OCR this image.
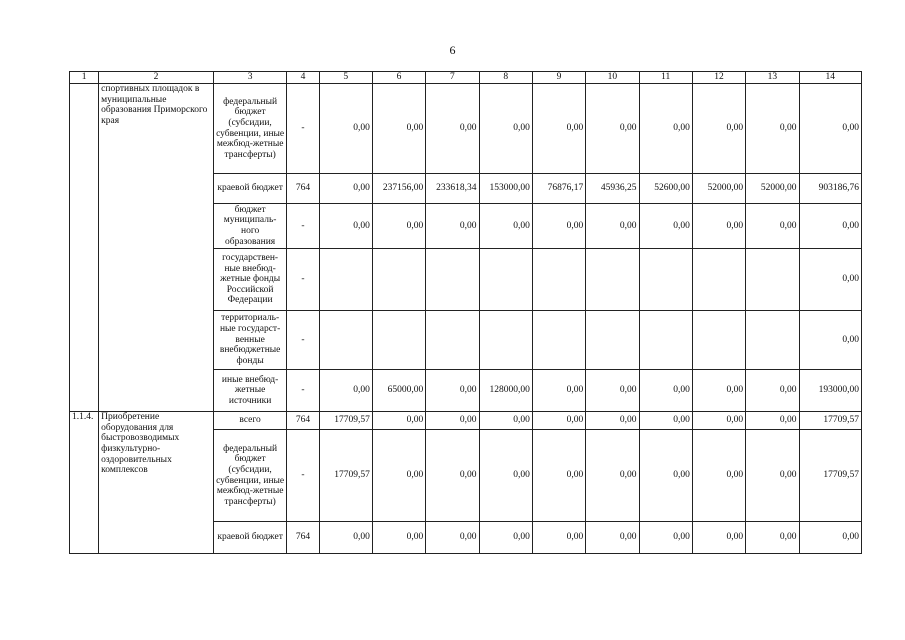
6
1	2	3	4	5	6	7	8	9	10	11	12	13	14
	спортивных площадок в муниципальные образования Приморского края	федеральный бюджет (субсидии, субвенции, иные межбюд-жетные трансферты)	-	0,00	0,00	0,00	0,00	0,00	0,00	0,00	0,00	0,00	0,00
		краевой бюджет	764	0,00	237156,00	233618,34	153000,00	76876,17	45936,25	52600,00	52000,00	52000,00	903186,76
		бюджет муниципаль-ного образования	-	0,00	0,00	0,00	0,00	0,00	0,00	0,00	0,00	0,00	0,00
		государствен-ные внебюд-жетные фонды Российской Федерации	-										0,00
		территориаль-ные государст-венные внебюджетные фонды	-										0,00
		иные внебюд-жетные источники	-	0,00	65000,00	0,00	128000,00	0,00	0,00	0,00	0,00	0,00	193000,00
1.1.4.	Приобретение оборудования для быстровозводимых физкультурно-оздоровительных комплексов	всего	764	17709,57	0,00	0,00	0,00	0,00	0,00	0,00	0,00	0,00	17709,57
		федеральный бюджет (субсидии, субвенции, иные межбюд-жетные трансферты)	-	17709,57	0,00	0,00	0,00	0,00	0,00	0,00	0,00	0,00	17709,57
		краевой бюджет	764	0,00	0,00	0,00	0,00	0,00	0,00	0,00	0,00	0,00	0,00
